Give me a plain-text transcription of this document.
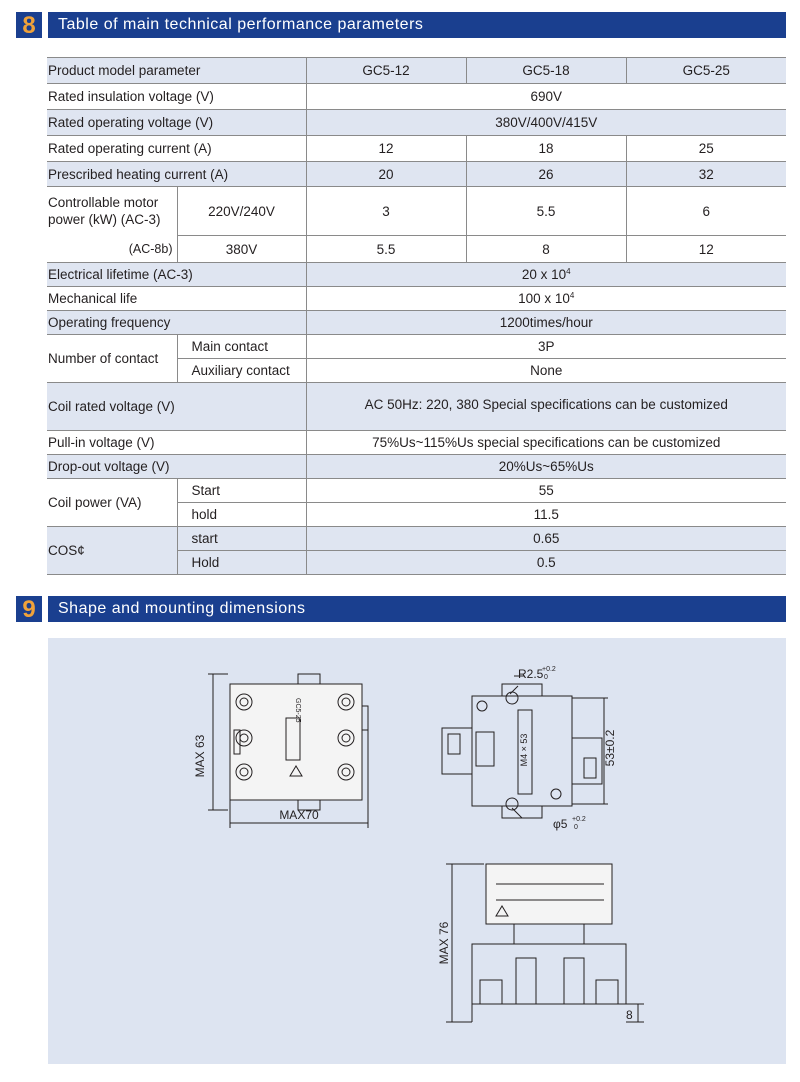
8	Table of main technical performance parameters
Product model parameter		GC5-12	GC5-18	GC5-25
Rated insulation voltage (V)		690V		
Rated operating voltage (V)		380V/400V/415V		
Rated operating current (A)		12	18	25
Prescribed heating current (A)		20	26	32

Controllable motor
power (kW) (AC-3)	220V/240V	3	5.5	6
(AC-8b)	380V	5.5	8	12
Electrical lifetime (AC-3)		20 x $10^4$
Mechanical life		100 x $10^4$
Operating frequency		1200times/hour		
Number of contact	Main contact	3P		
	Auxiliary contact	None		
Coil rated voltage (V)		AC 50Hz: 220, 380 Special specifications can be customized		
Pull-in voltage (V)		75%Us~115%Us special specifications can be customized		
Drop-out voltage (V)		20%Us~65%Us		
Coil power (VA)	Start	55		
	hold	11.5		
COS¢	start	0.65		
	Hold	0.5		
9	Shape and mounting dimensions
MAX 63
MAX70
GC5-25
R2.5
+0.2
0
53±0.2
M4 × 53
φ5 +0.2
0
MAX 76
8
